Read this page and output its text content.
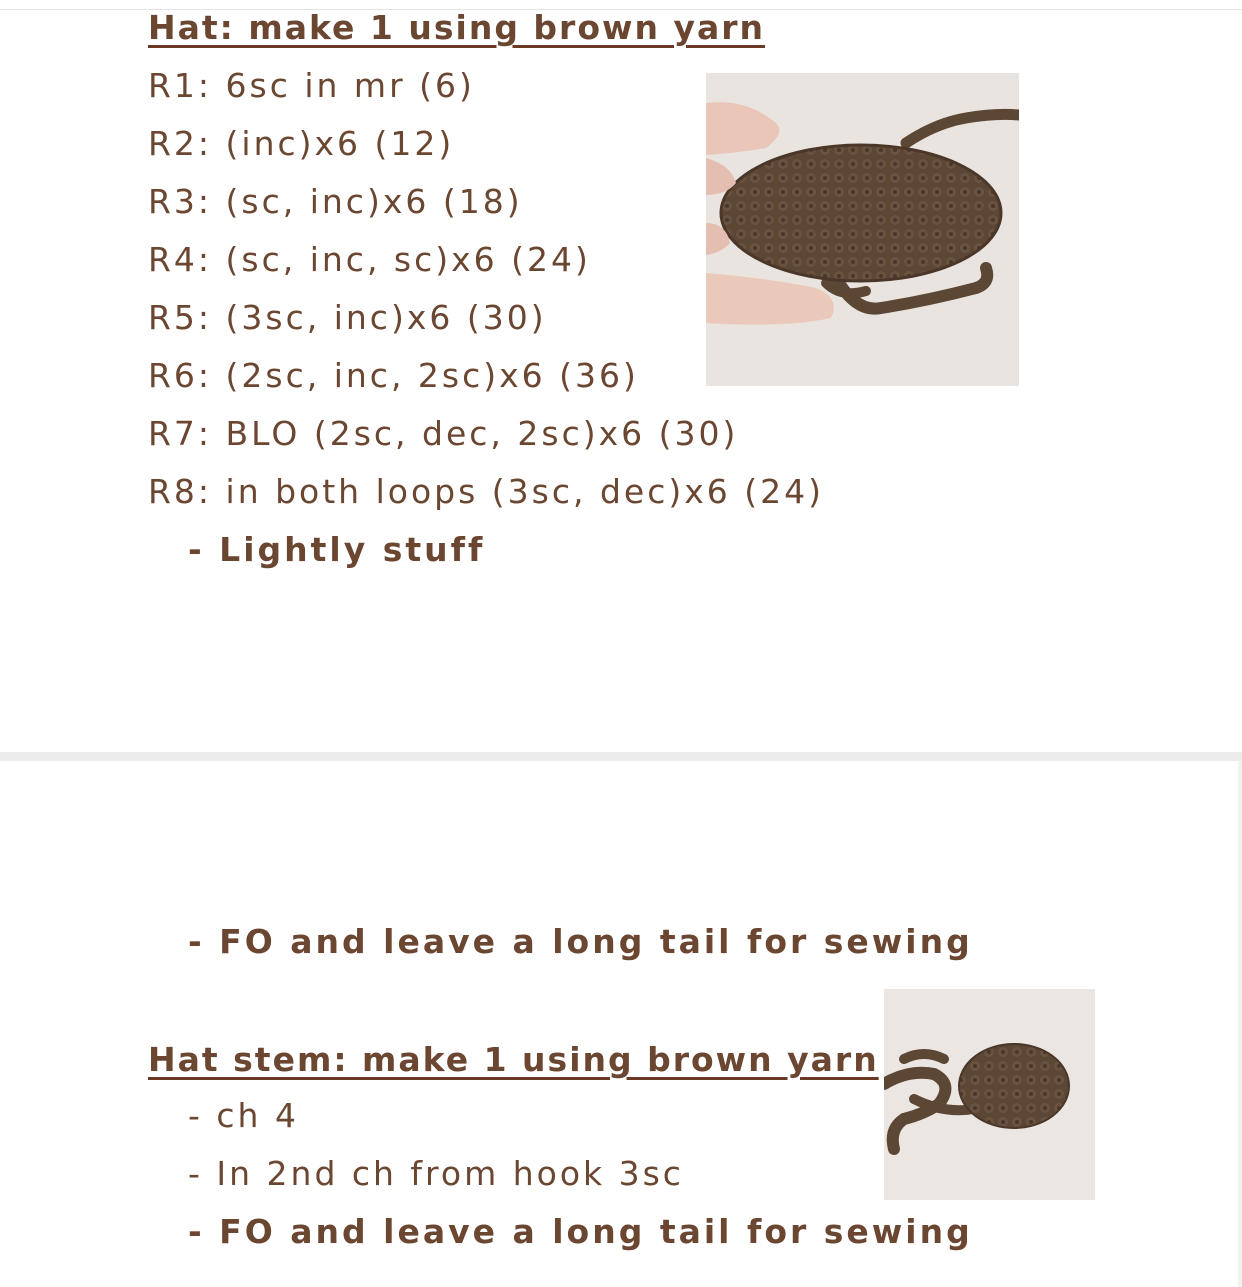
Hat: make 1 using brown yarn
R1: 6sc in mr (6)
R2: (inc)x6 (12)
R3: (sc, inc)x6 (18)
R4: (sc, inc, sc)x6 (24)
R5: (3sc, inc)x6 (30)
R6: (2sc, inc, 2sc)x6 (36)
R7: BLO (2sc, dec, 2sc)x6 (30)
R8: in both loops (3sc, dec)x6 (24)
- Lightly stuff
- FO and leave a long tail for sewing
Hat stem: make 1 using brown yarn
- ch 4
- In 2nd ch from hook 3sc
- FO and leave a long tail for sewing
